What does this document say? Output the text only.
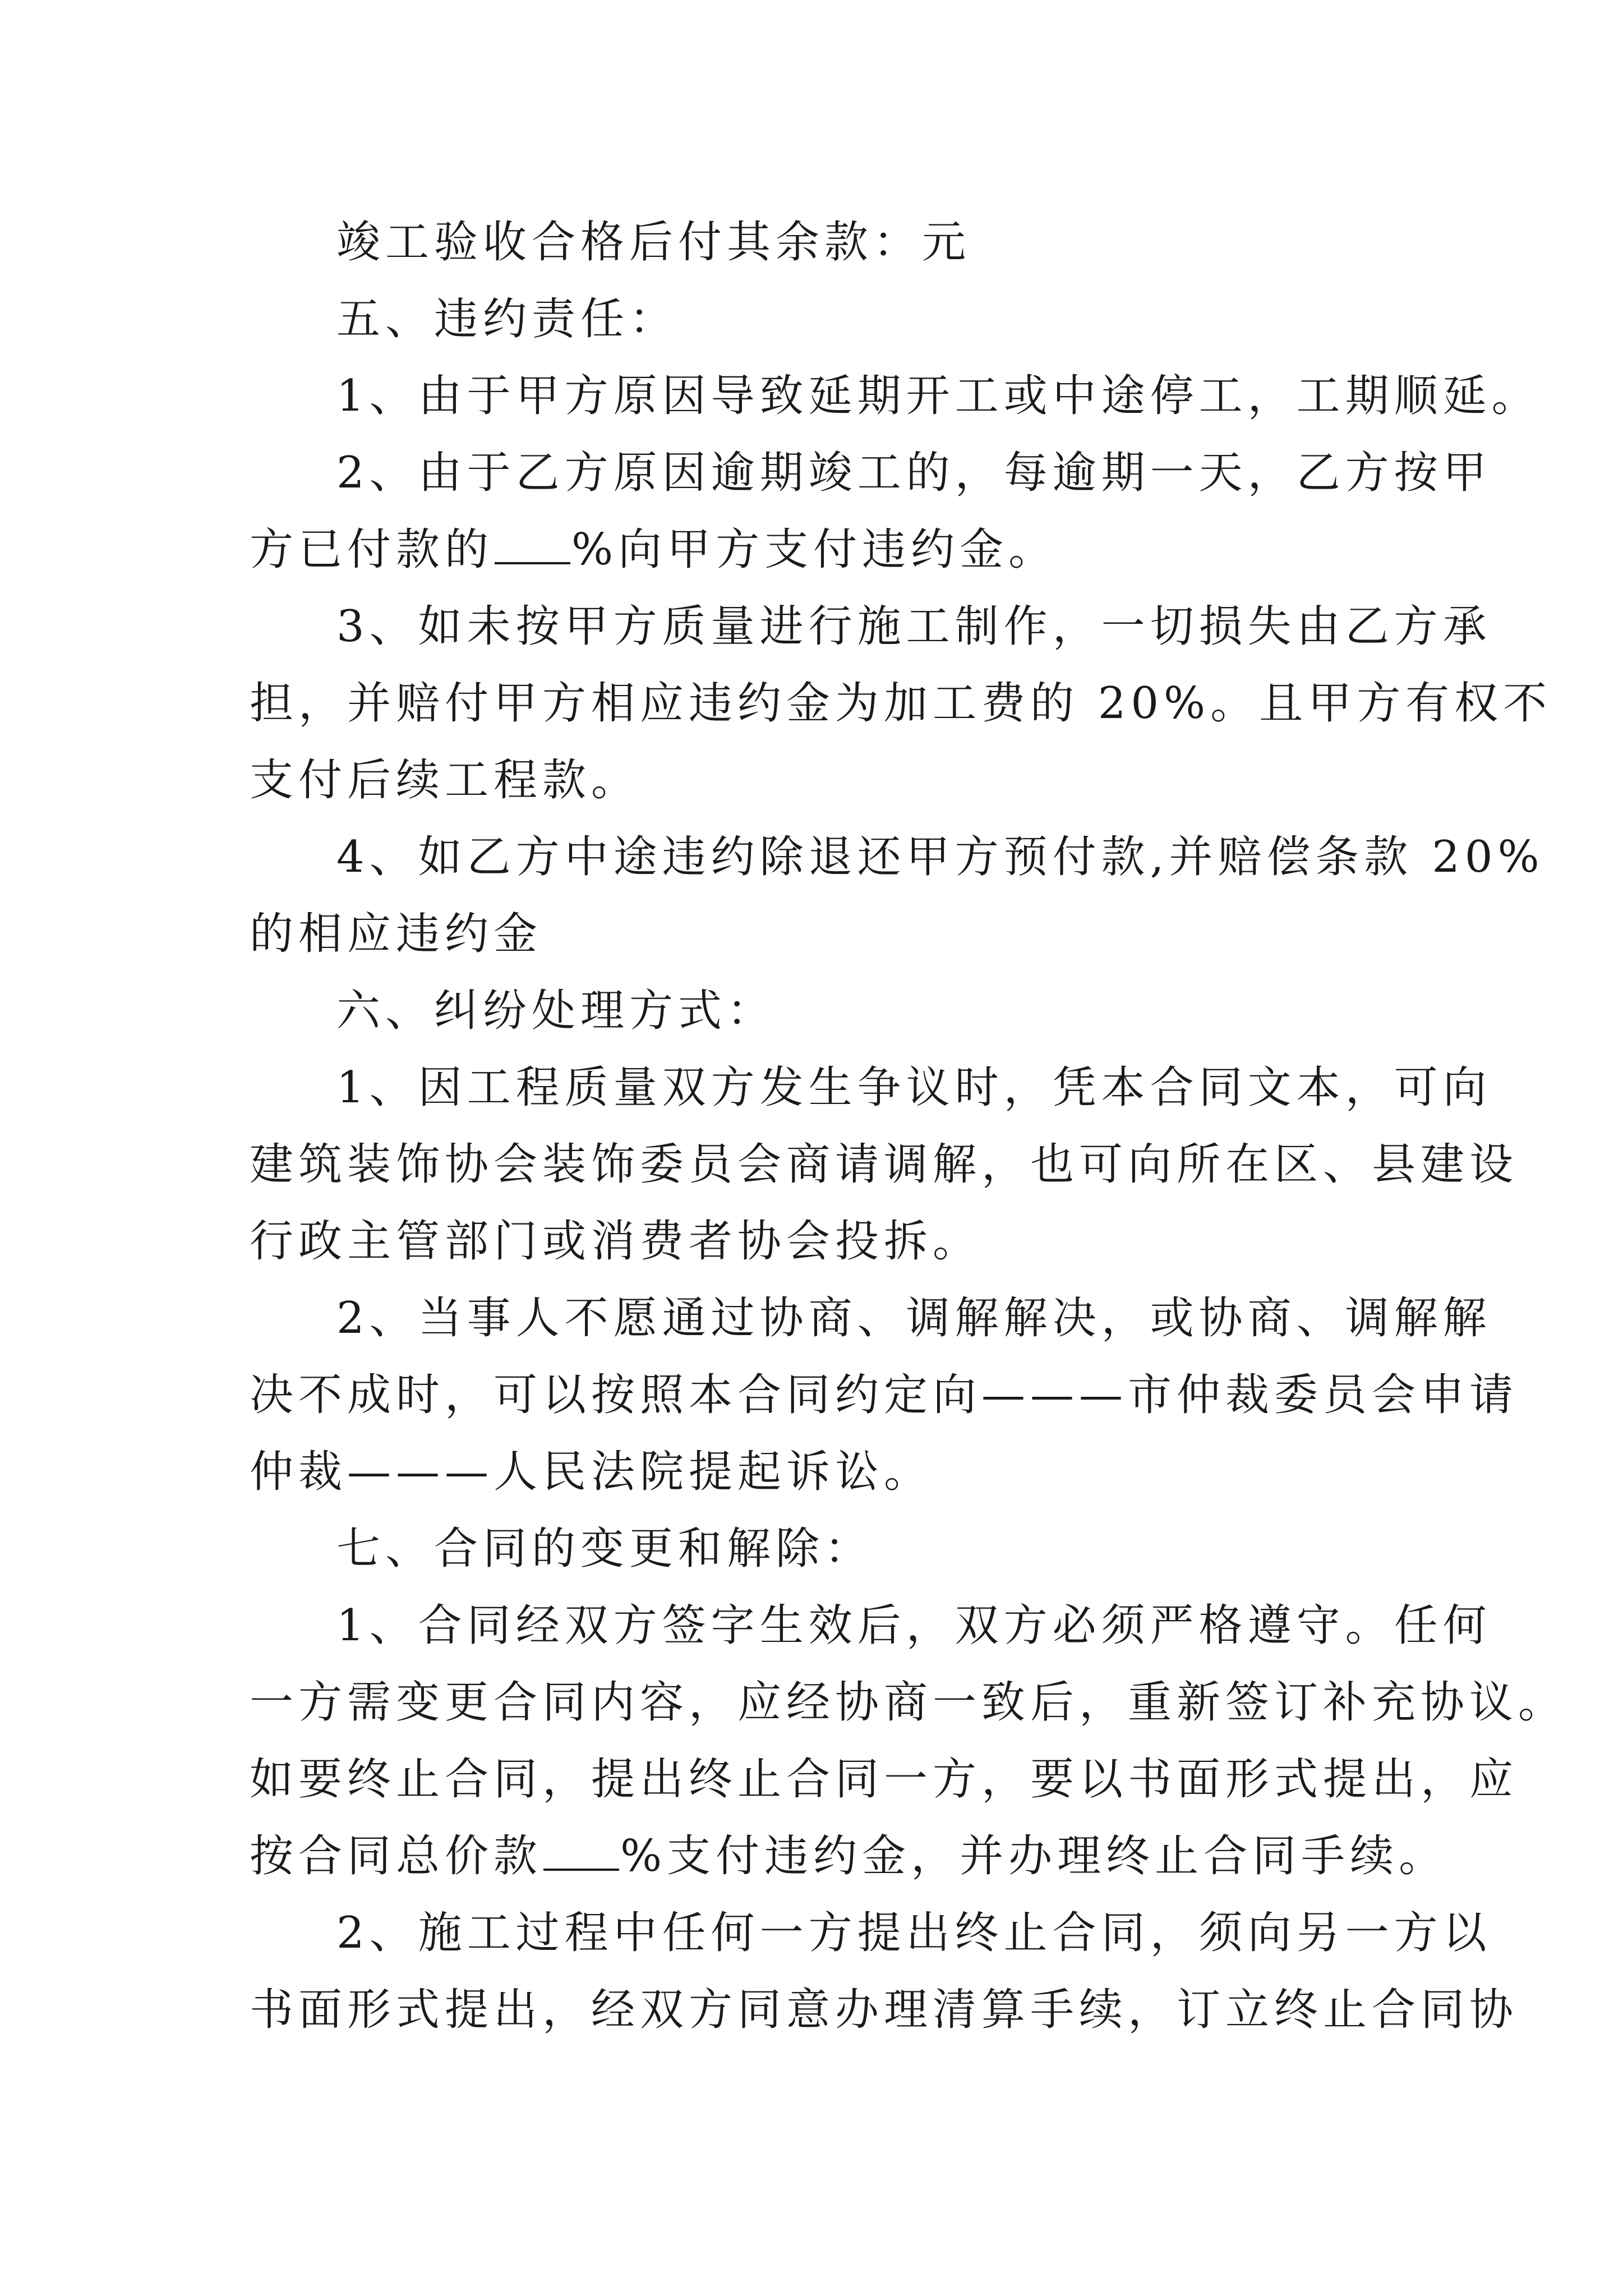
竣工验收合格后付其余款：元
五、违约责任：
1、由于甲方原因导致延期开工或中途停工，工期顺延。
2、由于乙方原因逾期竣工的，每逾期一天，乙方按甲
方已付款的 %向甲方支付违约金。
3、如未按甲方质量进行施工制作，一切损失由乙方承
担，并赔付甲方相应违约金为加工费的 20%。且甲方有权不
支付后续工程款。
4、如乙方中途违约除退还甲方预付款,并赔偿条款 20%
的相应违约金
六、纠纷处理方式：
1、因工程质量双方发生争议时，凭本合同文本，可向
建筑装饰协会装饰委员会商请调解，也可向所在区、县建设
行政主管部门或消费者协会投拆。
2、当事人不愿通过协商、调解解决，或协商、调解解
决不成时，可以按照本合同约定向———市仲裁委员会申请
仲裁———人民法院提起诉讼。
七、合同的变更和解除：
1、合同经双方签字生效后，双方必须严格遵守。任何
一方需变更合同内容，应经协商一致后，重新签订补充协议。
如要终止合同，提出终止合同一方，要以书面形式提出，应
按合同总价款 %支付违约金，并办理终止合同手续。
2、施工过程中任何一方提出终止合同，须向另一方以
书面形式提出，经双方同意办理清算手续，订立终止合同协
